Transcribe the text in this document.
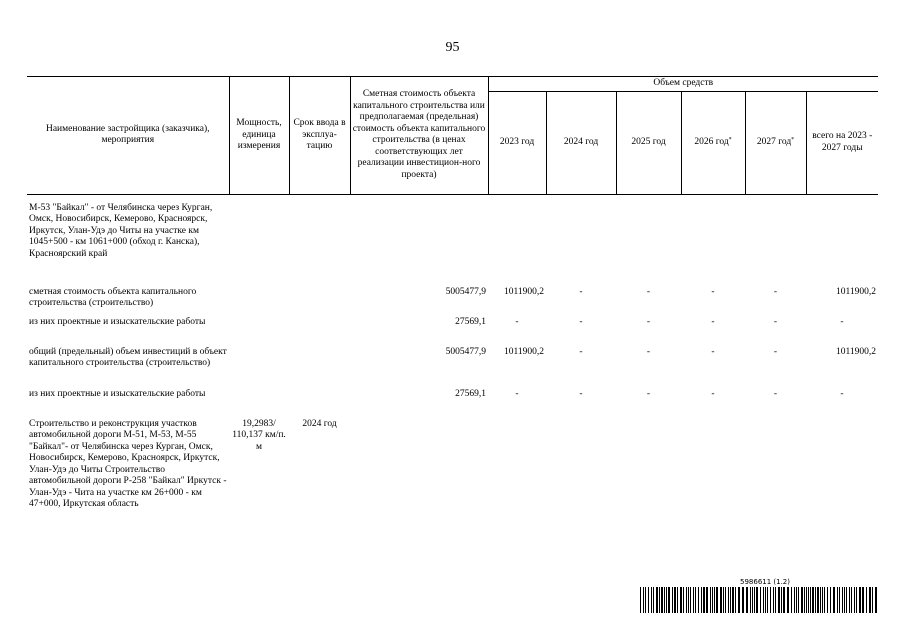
95
Наименование застройщика (заказчика), мероприятия	Мощность, единица измерения	Срок ввода в эксплуа-тацию	Сметная стоимость объекта капитального строительства или предполагаемая (предельная) стоимость объекта капитального строительства (в ценах соответствующих лет реализации инвестицион-ного проекта)	Объем средств					
				2023 год	2024 год	2025 год	2026 год*	2027 год*	всего на 2023 - 2027 годы

М-53 "Байкал" - от Челябинска через Курган, Омск, Новосибирск, Кемерово, Красноярск, Иркутск, Улан-Удэ до Читы на участке км 1045+500 - км 1061+000 (обход г. Канска), Красноярский край									
сметная стоимость объекта капитального строительства (строительство)			5005477,9	1011900,2	-	-	-	-	1011900,2
из них проектные и изыскательские работы			27569,1	-	-	-	-	-	-
общий (предельный) объем инвестиций в объект капитального строительства (строительство)			5005477,9	1011900,2	-	-	-	-	1011900,2
из них проектные и изыскательские работы			27569,1	-	-	-	-	-	-
Строительство и реконструкция участков автомобильной дороги М-51, М-53, М-55 "Байкал"- от Челябинска через Курган, Омск, Новосибирск, Кемерово, Красноярск, Иркутск, Улан-Удэ до Читы Строительство автомобильной дороги Р-258 "Байкал" Иркутск - Улан-Удэ - Чита на участке км 26+000 - км 47+000, Иркутская область	19,2983/ 110,137 км/п. м	2024 год							
5986611 (1.2)
